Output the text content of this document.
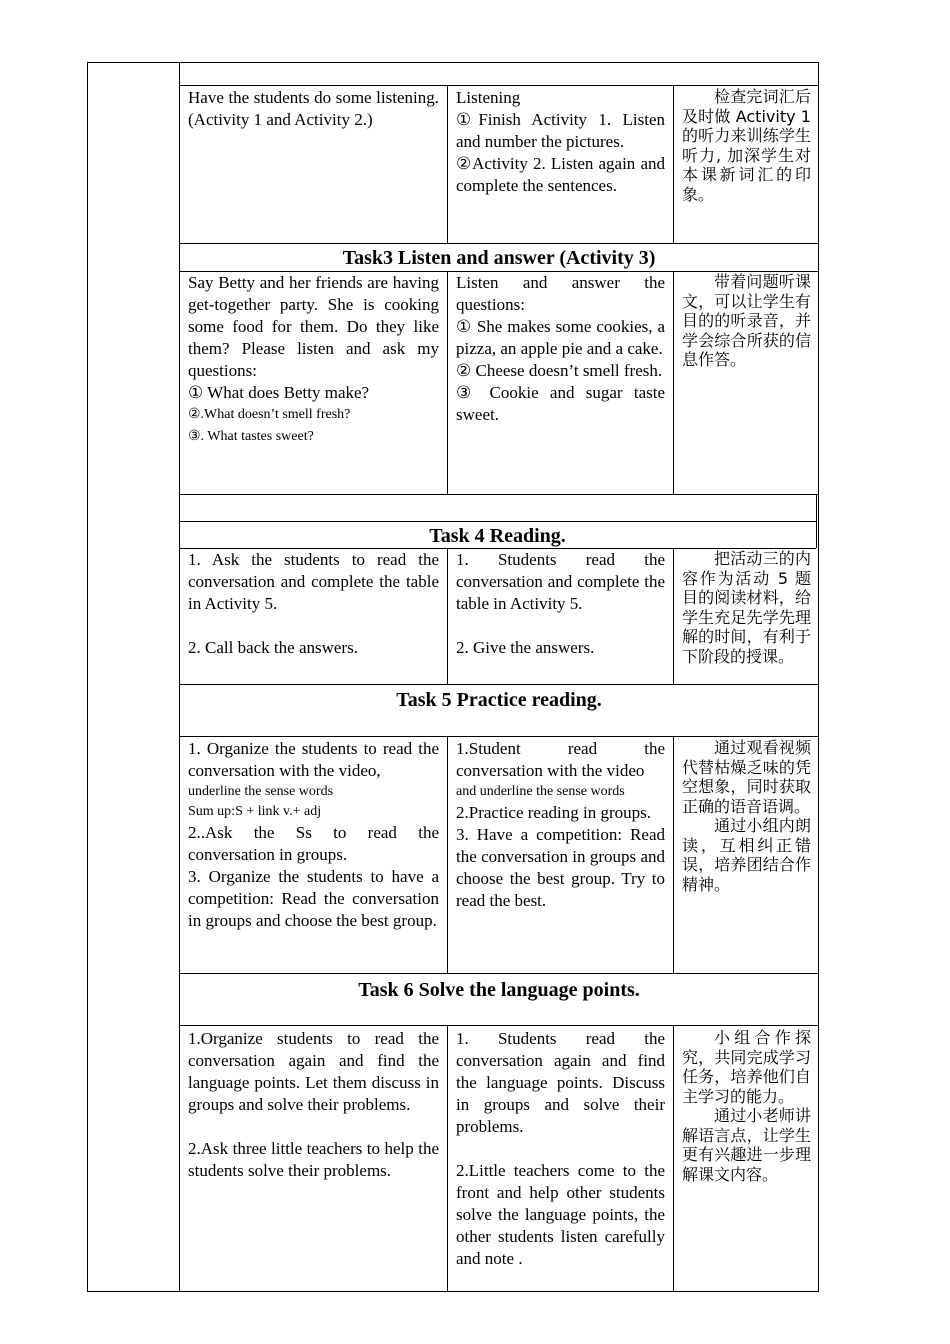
Have the students do some listening. (Activity 1 and Activity 2.)

Listening

①Finish Activity 1. Listen and number the pictures.

②Activity 2. Listen again and complete the sentences.

检查完词汇后及时做 Activity 1 的听力来训练学生听力, 加深学生对本课新词汇的印象。

Task3 Listen and answer (Activity 3)

Say Betty and her friends are having get-together party. She is cooking some food for them. Do they like them? Please listen and ask my questions:

① What does Betty make?

②.What doesn’t smell fresh?

③. What tastes sweet?

Listen and answer the questions:

① She makes some cookies, a pizza, an apple pie and a cake.

② Cheese doesn’t smell fresh.

③ Cookie and sugar taste sweet.

带着问题听课文，可以让学生有目的的听录音，并学会综合所获的信息作答。

Task 4 Reading.

1. Ask the students to read the conversation and complete the table in Activity 5.

2. Call back the answers.

1. Students read the conversation and complete the table in Activity 5.

2. Give the answers.

把活动三的内容作为活动 5 题目的阅读材料，给学生充足先学先理解的时间，有利于下阶段的授课。

Task 5 Practice reading.

1. Organize the students to read the conversation with the video,

underline the sense words

Sum up:S + link v.+ adj

2..Ask the Ss to read the conversation in groups.

3. Organize the students to have a competition: Read the conversation in groups and choose the best group.

1.Student read the conversation with the video

and underline the sense words

2.Practice reading in groups.

3. Have a competition: Read the conversation in groups and choose the best group. Try to read the best.

通过观看视频代替枯燥乏味的凭空想象，同时获取正确的语音语调。

通过小组内朗读，互相纠正错误，培养团结合作精神。

Task 6 Solve the language points.

1.Organize students to read the conversation again and find the language points. Let them discuss in groups and solve their problems.

2.Ask three little teachers to help the students solve their problems.

1. Students read the conversation again and find the language points. Discuss in groups and solve their problems.

2.Little teachers come to the front and help other students solve the language points, the other students listen carefully and note .

小组合作探究，共同完成学习任务，培养他们自主学习的能力。

通过小老师讲解语言点，让学生更有兴趣进一步理解课文内容。
